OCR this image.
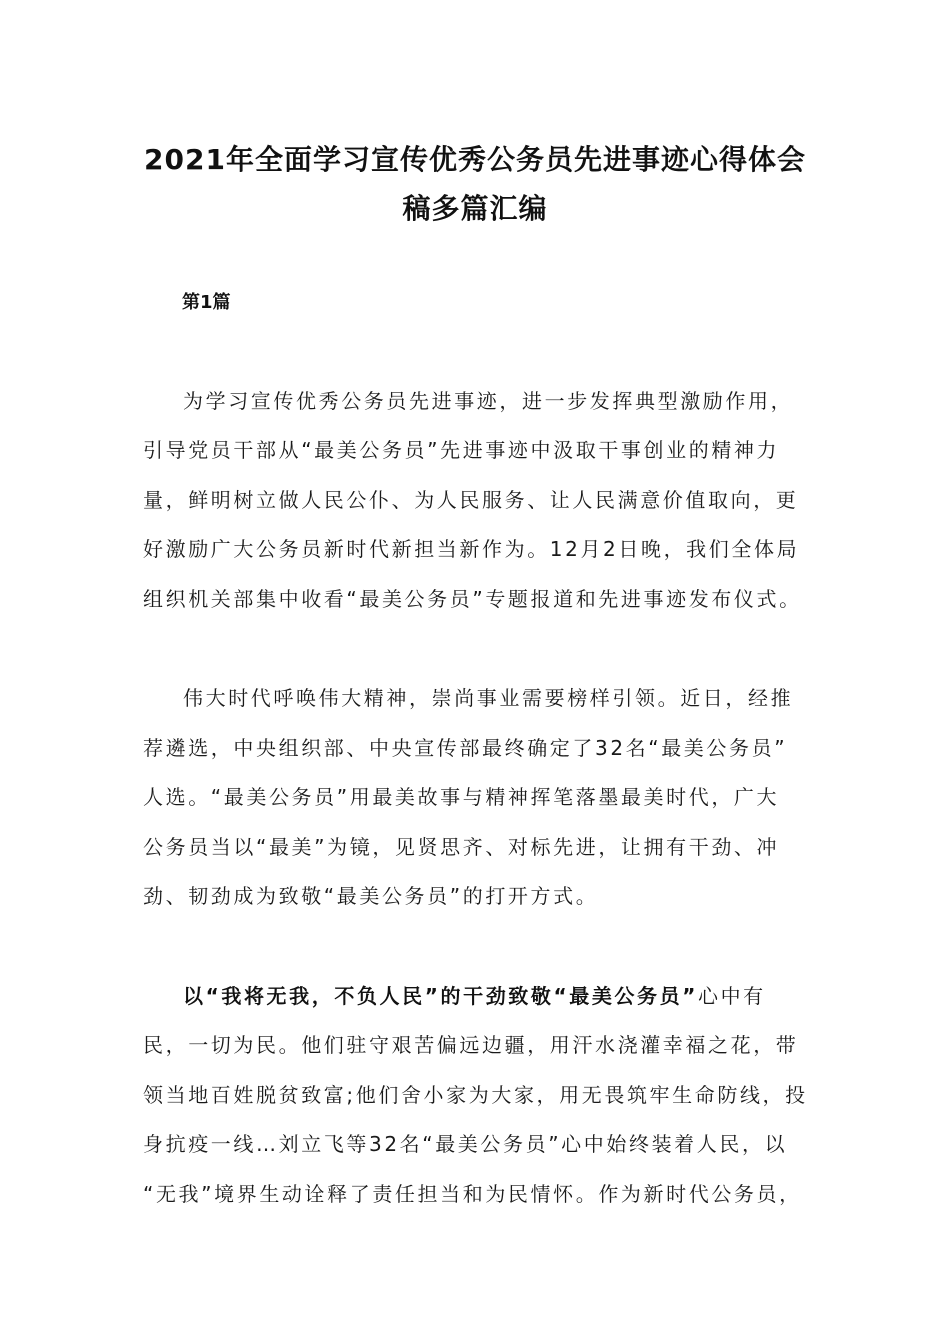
2021年全面学习宣传优秀公务员先进事迹心得体会
稿多篇汇编
第1篇
为学习宣传优秀公务员先进事迹，进一步发挥典型激励作用，
引导党员干部从“最美公务员”先进事迹中汲取干事创业的精神力
量，鲜明树立做人民公仆、为人民服务、让人民满意价值取向，更
好激励广大公务员新时代新担当新作为。12月2日晚，我们全体局
组织机关部集中收看“最美公务员”专题报道和先进事迹发布仪式。
伟大时代呼唤伟大精神，崇尚事业需要榜样引领。近日，经推
荐遴选，中央组织部、中央宣传部最终确定了32名“最美公务员”
人选。“最美公务员”用最美故事与精神挥笔落墨最美时代，广大
公务员当以“最美”为镜，见贤思齐、对标先进，让拥有干劲、冲
劲、韧劲成为致敬“最美公务员”的打开方式。
以“我将无我，不负人民”的干劲致敬“最美公务员”心中有
民，一切为民。他们驻守艰苦偏远边疆，用汗水浇灌幸福之花，带
领当地百姓脱贫致富;他们舍小家为大家，用无畏筑牢生命防线，投
身抗疫一线…刘立飞等32名“最美公务员”心中始终装着人民，以
“无我”境界生动诠释了责任担当和为民情怀。作为新时代公务员，
